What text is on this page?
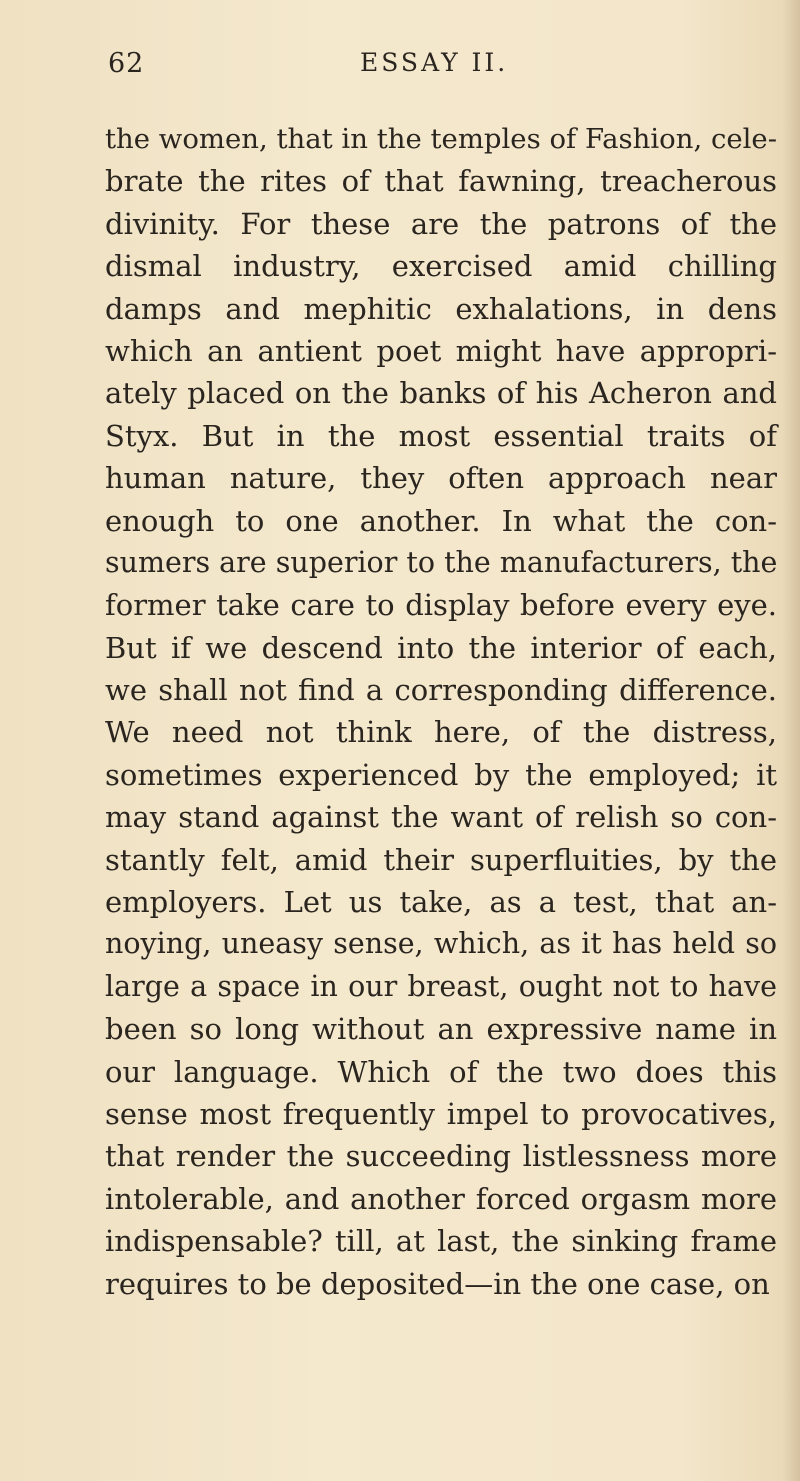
62	ESSAY II.
the women, that in the temples of Fashion, cele-
brate the rites of that fawning, treacherous
divinity. For these are the patrons of the
dismal industry, exercised amid chilling
damps and mephitic exhalations, in dens
which an antient poet might have appropri-
ately placed on the banks of his Acheron and
Styx. But in the most essential traits of
human nature, they often approach near
enough to one another. In what the con-
sumers are superior to the manufacturers, the
former take care to display before every eye.
But if we descend into the interior of each,
we shall not find a corresponding difference.
We need not think here, of the distress,
sometimes experienced by the employed; it
may stand against the want of relish so con-
stantly felt, amid their superfluities, by the
employers. Let us take, as a test, that an-
noying, uneasy sense, which, as it has held so
large a space in our breast, ought not to have
been so long without an expressive name in
our language. Which of the two does this
sense most frequently impel to provocatives,
that render the succeeding listlessness more
intolerable, and another forced orgasm more
indispensable? till, at last, the sinking frame
requires to be deposited—in the one case, on
